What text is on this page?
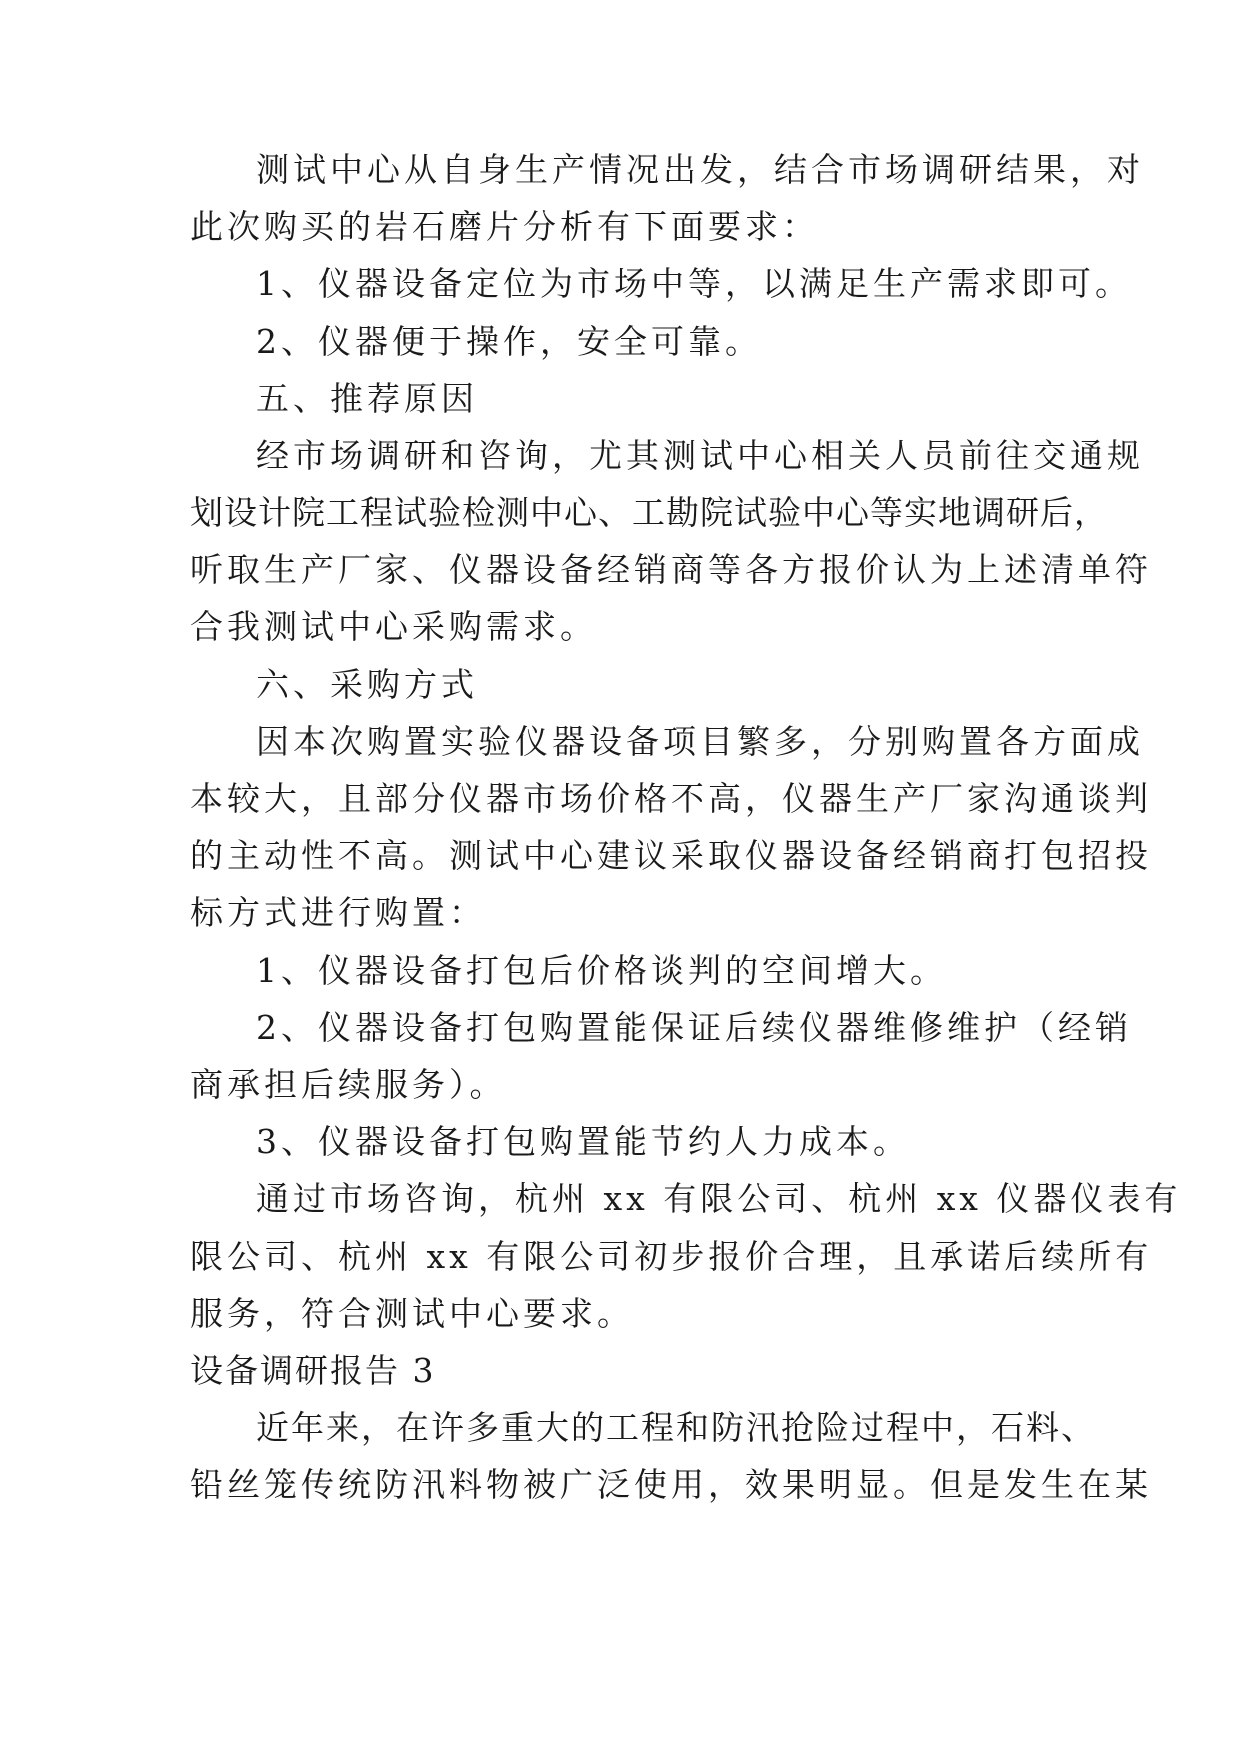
测试中心从自身生产情况出发，结合市场调研结果，对
此次购买的岩石磨片分析有下面要求：
1、仪器设备定位为市场中等，以满足生产需求即可。
2、仪器便于操作，安全可靠。
五、推荐原因
经市场调研和咨询，尤其测试中心相关人员前往交通规
划设计院工程试验检测中心、工勘院试验中心等实地调研后，
听取生产厂家、仪器设备经销商等各方报价认为上述清单符
合我测试中心采购需求。
六、采购方式
因本次购置实验仪器设备项目繁多，分别购置各方面成
本较大，且部分仪器市场价格不高，仪器生产厂家沟通谈判
的主动性不高。测试中心建议采取仪器设备经销商打包招投
标方式进行购置：
1、仪器设备打包后价格谈判的空间增大。
2、仪器设备打包购置能保证后续仪器维修维护（经销
商承担后续服务）。
3、仪器设备打包购置能节约人力成本。
通过市场咨询，杭州 xx 有限公司、杭州 xx 仪器仪表有
限公司、杭州 xx 有限公司初步报价合理，且承诺后续所有
服务，符合测试中心要求。
设备调研报告 3
近年来，在许多重大的工程和防汛抢险过程中，石料、
铅丝笼传统防汛料物被广泛使用，效果明显。但是发生在某
